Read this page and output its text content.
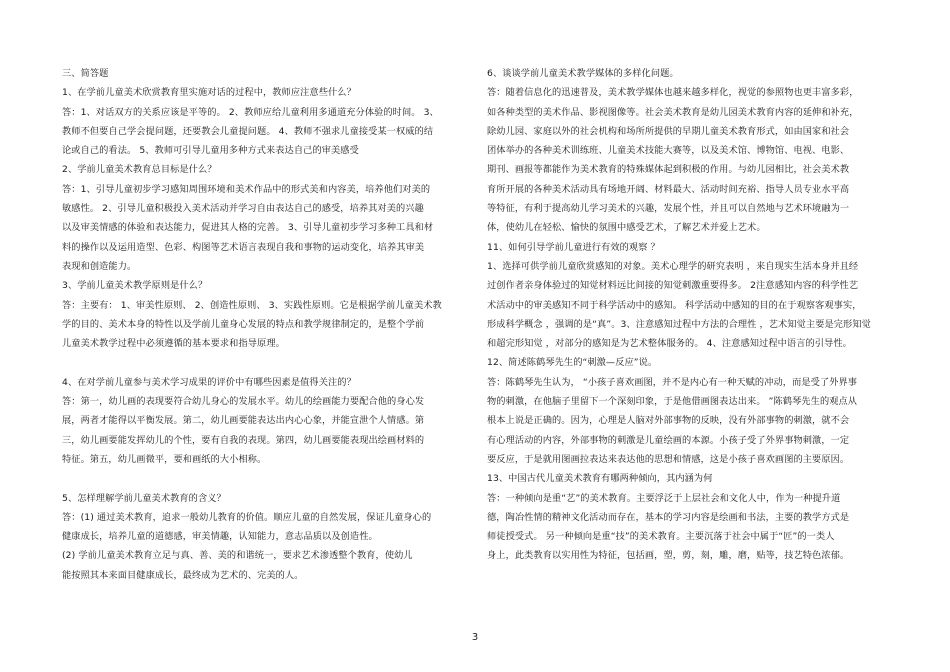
三、简答题
1、在学前儿童美术欣赏教育里实施对话的过程中，教师应注意些什么？
答：1、对话双方的关系应该是平等的。 2、教师应给儿童利用多通道充分体验的时间。 3、
教师不但要自己学会提问题，还要教会儿童提问题。 4、教师不强求儿童接受某一权威的结
论或自己的看法。 5、教师可引导儿童用多种方式来表达自己的审美感受
2、学前儿童美术教育总目标是什么？
答：1、引导儿童初步学习感知周围环境和美术作品中的形式美和内容美，培养他们对美的
敏感性。 2、引导儿童积极投入美术活动并学习自由表达自己的感受，培养其对美的兴趣
以及审美情感的体验和表达能力，促进其人格的完善。 3、引导儿童初步学习多种工具和材
料的操作以及运用造型、色彩、构图等艺术语言表现自我和事物的运动变化，培养其审美
表现和创造能力。
3、学前儿童美术教学原则是什么？
答：主要有： 1、审美性原则、 2、创造性原则、 3、实践性原则。它是根据学前儿童美术教
学的目的、美术本身的特性以及学前儿童身心发展的特点和教学规律制定的，是整个学前
儿童美术教学过程中必须遵循的基本要求和指导原理。
4、在对学前儿童参与美术学习成果的评价中有哪些因素是值得关注的？
答：第一，幼儿画的表现要符合幼儿身心的发展水平。幼儿的绘画能力要配合他的身心发
展，两者才能得以平衡发展。第二，幼儿画要能表达出内心心象，并能宣泄个人情感。第
三，幼儿画要能发挥幼儿的个性，要有自我的表现。第四，幼儿画要能表现出绘画材料的
特征。第五，幼儿画微平，要和画纸的大小相称。
5、怎样理解学前儿童美术教育的含义？
答：(1) 通过美术教育，追求一般幼儿教育的价值。顺应儿童的自然发展，保证儿童身心的
健康成长，培养儿童的道德感，审美情趣，认知能力，意志品质以及创造性。
(2) 学前儿童美术教育立足与真、善、美的和谐统一，要求艺术渗透整个教育，使幼儿
能按照其本来面目健康成长，最终成为艺术的、完美的人。
6、谈谈学前儿童美术教学媒体的多样化问题。
答：随着信息化的迅速普及，美术教学媒体也越来越多样化，视觉的参照物也更丰富多彩，
如各种类型的美术作品、影视图像等。社会美术教育是幼儿园美术教育内容的延伸和补充，
除幼儿园、家庭以外的社会机构和场所所提供的早期儿童美术教育形式，如由国家和社会
团体举办的各种美术训练班、儿童美术技能大赛等，以及美术馆、博物馆、电视、电影、
期刊、画报等都能作为美术教育的特殊媒体起到积极的作用。与幼儿园相比，社会美术教
育所开展的各种美术活动具有场地开阔、材料最大、活动时间充裕、指导人员专业水平高
等特征，有利于提高幼儿学习美术的兴趣，发展个性，并且可以自然地与艺术环境融为一
体，使幼儿在轻松、愉快的氛围中感受艺术，了解艺术并爱上艺术。
11、如何引导学前儿童进行有效的观察 ？
1、选择可供学前儿童欣赏感知的对象。美术心理学的研究表明 ，来自现实生活本身并且经
过创作者亲身体验过的知觉材料远比间接的知觉刺激重要得多。 2注意感知内容的科学性艺
术活动中的审美感知不同于科学活动中的感知。 科学活动中感知的目的在于观察客观事实，
形成科学概念 ，强调的是“真”。3、注意感知过程中方法的合理性 ，艺术知觉主要是完形知觉
和超完形知觉 ，对部分的感知是为艺术整体服务的。 4、注意感知过程中语言的引导性。
12、简述陈鹤琴先生的“刺激—反应”说。
答：陈鹤琴先生认为， “小孩子喜欢画图，并不是内心有一种天赋的冲动，而是受了外界事
物的刺激，在他脑子里留下一个深刻印象，于是他借画图表达出来。 ”陈鹤琴先生的观点从
根本上说是正确的。因为，心理是人脑对外部事物的反映，没有外部事物的刺激，就不会
有心理活动的内容，外部事物的刺激是儿童绘画的本源。小孩子受了外界事物刺激，一定
要反应，于是就用图画拉表达来表达他的思想和情感，这是小孩子喜欢画图的主要原因。
13、中国古代儿童美术教育有哪两种倾向，其内涵为何
答：一种倾向是重“艺”的美术教育。主要浮泛于上层社会和文化人中，作为一种提升道
德，陶冶性情的精神文化活动而存在，基本的学习内容是绘画和书法，主要的教学方式是
师徒授受式。 另一种倾向是重“技”的美术教育。主要沉落于社会中属于“匠”的一类人
身上，此类教育以实用性为特征，包括画，塑，剪，刻，雕，磨，贴等，技艺特色浓郁。
3
